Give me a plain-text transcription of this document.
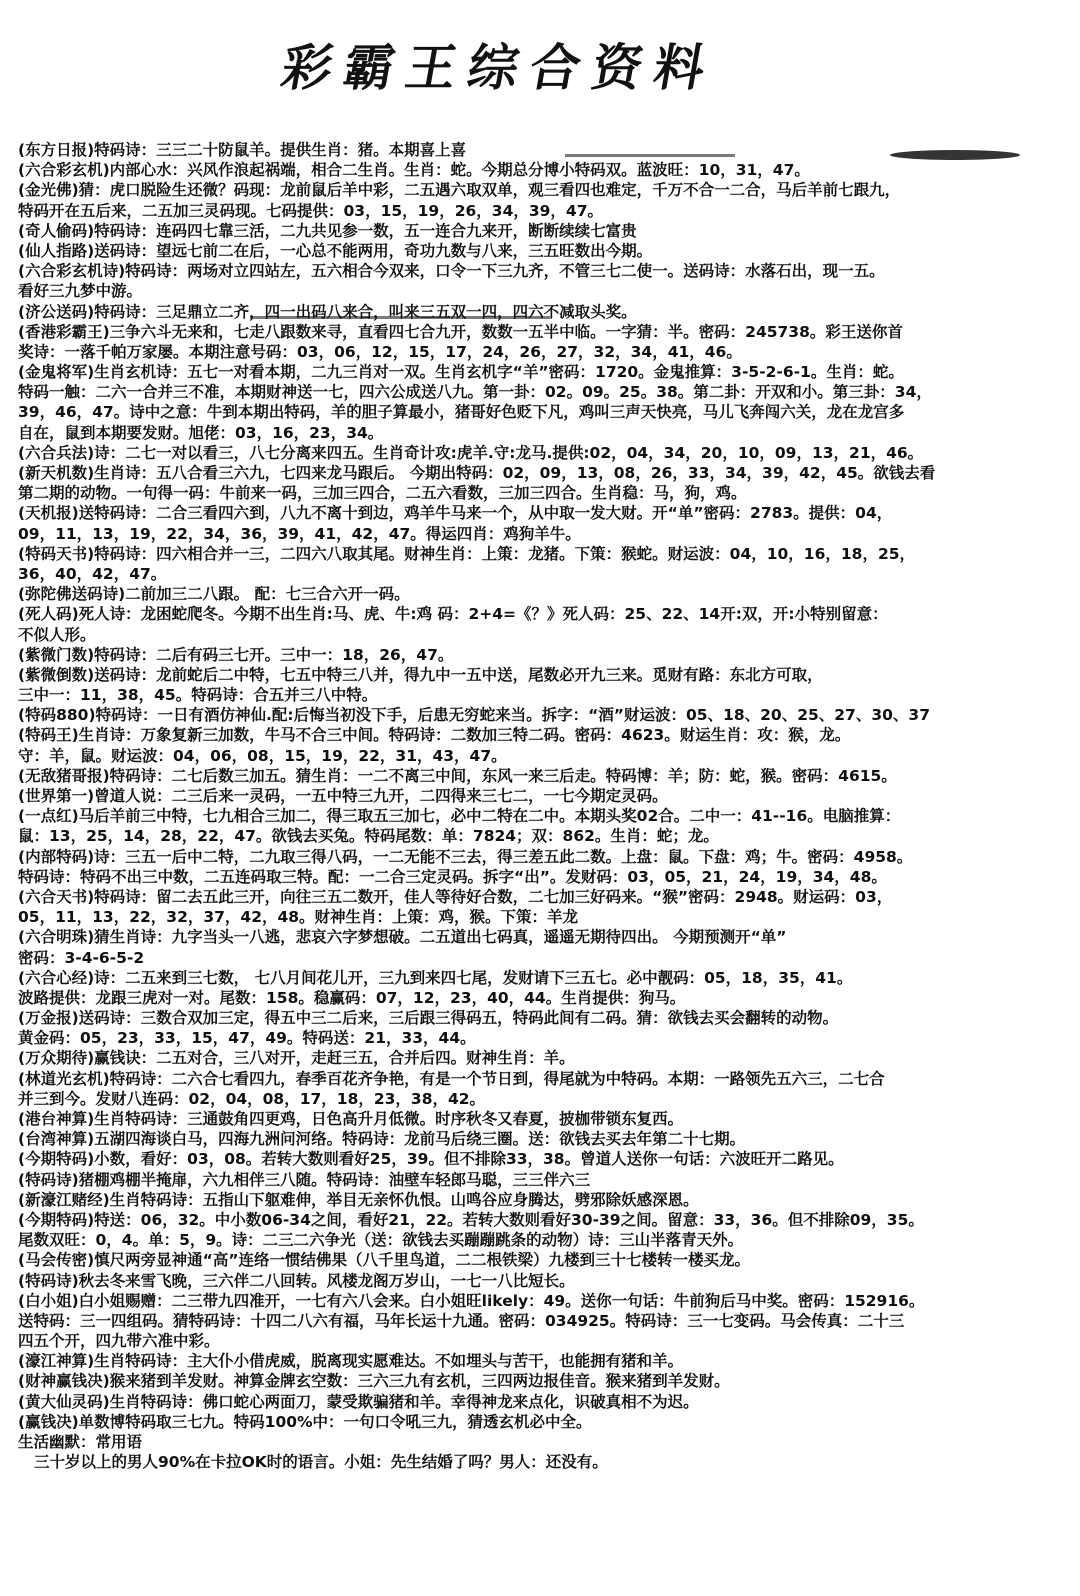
彩霸王综合资料
(东方日报)特码诗：三三二十防鼠羊。提供生肖：猪。本期喜上喜
(六合彩玄机)内部心水：兴风作浪起祸端，相合二生肖。生肖：蛇。今期总分博小特码双。蓝波旺：10，31，47。
(金光佛)猜：虎口脱险生还微？码现：龙前鼠后羊中彩，二五遇六取双单，观三看四也难定，千万不合一二合，马后羊前七跟九，
特码开在五后来，二五加三灵码现。七码提供：03，15，19，26，34，39，47。
(奇人偷码)特码诗：连码四七靠三活，二九共见参一数，五一连合九来开，断断续续七富贵
(仙人指路)送码诗：望远七前二在后，一心总不能两用，奇功九数与八来，三五旺数出今期。
(六合彩玄机诗)特码诗：两场对立四站左，五六相合今双来，口令一下三九齐，不管三七二使一。送码诗：水落石出，现一五。
看好三九梦中游。
(济公送码)特码诗：三足鼎立二齐，四一出码八来合，叫来三五双一四，四六不减取头奖。
(香港彩霸王)三争六斗无来和，七走八跟数来寻，直看四七合九开，数数一五半中临。一字猜：半。密码：245738。彩王送你首
奖诗：一落千帕万家屡。本期注意号码：03，06，12，15，17，24，26，27，32，34，41，46。
(金鬼将军)生肖玄机诗：五七一对看本期，二九三肖对一双。生肖玄机字“羊”密码：1720。金鬼推算：3-5-2-6-1。生肖：蛇。
特码一触：二六一合并三不准，本期财神送一七，四六公成送八九。第一卦：02。09。25。38。第二卦：开双和小。第三卦：34，
39，46，47。诗中之意：牛到本期出特码，羊的胆子算最小，猪哥好色贬下凡，鸡叫三声天快亮，马儿飞奔闯六关，龙在龙宫多
自在，鼠到本期要发财。旭佬：03，16，23，34。
(六合兵法)诗：二七一对以看三，八七分离来四五。生肖奇计攻:虎羊.守:龙马.提供:02，04，34，20，10，09，13，21，46。
(新天机数)生肖诗：五八合看三六九，七四来龙马跟后。 今期出特码：02，09，13，08，26，33，34，39，42，45。欲钱去看
第二期的动物。一句得一码：牛前来一码，三加三四合，二五六看数，三加三四合。生肖稳：马，狗，鸡。
(天机报)送特码诗：二合三看四六到，八九不离十到边，鸡羊牛马来一个，从中取一发大财。开“单”密码：2783。提供：04，
09，11，13，19，22，34，36，39，41，42，47。得运四肖：鸡狗羊牛。
(特码天书)特码诗：四六相合并一三，二四六八取其尾。财神生肖：上策：龙猪。下策：猴蛇。财运波：04，10，16，18，25，
36，40，42，47。
(弥陀佛送码诗)二前加三二八跟。 配：七三合六开一码。
(死人码)死人诗：龙困蛇爬冬。今期不出生肖:马、虎、牛:鸡 码：2+4=《？》死人码：25、22、14开:双，开:小特别留意：
不似人形。
(紫微门数)特码诗：二后有码三七开。三中一：18，26，47。
(紫微倒数)送码诗：龙前蛇后二中特，七五中特三八并，得九中一五中送，尾数必开九三来。觅财有路：东北方可取，
三中一：11，38，45。特码诗：合五并三八中特。
(特码880)特码诗：一日有酒仿神仙.配:后悔当初没下手，后患无穷蛇来当。拆字：“酒”财运波：05、18、20、25、27、30、37
(特码王)生肖诗：万象复新三加数，牛马不合三中间。特码诗：二数加三特二码。密码：4623。财运生肖：攻：猴，龙。
守：羊，鼠。财运波：04，06，08，15，19，22，31，43，47。
(无敌猪哥报)特码诗：二七后数三加五。猜生肖：一二不离三中间，东风一来三后走。特码博：羊；防：蛇，猴。密码：4615。
(世界第一)曾道人说：二三后来一灵码，一五中特三九开，二四得来三七二，一七今期定灵码。
(一点红)马后羊前三中特，七九相合三加二，得三取五三加七，必中二特在二中。本期头奖02合。二中一：41--16。电脑推算：
鼠：13，25，14，28，22，47。欲钱去买兔。特码尾数：单：7824；双：862。生肖：蛇；龙。
(内部特码)诗：三五一后中二特，二九取三得八码，一二无能不三去，得三差五此二数。上盘：鼠。下盘：鸡；牛。密码：4958。
特码诗：特码不出三中数，二五连码取三特。配：一二合三定灵码。拆字“出”。发财码：03，05，21，24，19，34，48。
(六合天书)特码诗：留二去五此三开，向往三五二数开，佳人等待好合数，二七加三好码来。“猴”密码：2948。财运码：03，
05，11，13，22，32，37，42，48。财神生肖：上策：鸡，猴。下策：羊龙
(六合明珠)猜生肖诗：九字当头一八逃，悲哀六字梦想破。二五道出七码真，遥遥无期待四出。 今期预测开“单”
密码：3-4-6-5-2
(六合心经)诗：二五来到三七数， 七八月间花儿开，三九到来四七尾，发财请下三五七。必中靓码：05，18，35，41。
波路提供：龙跟三虎对一对。尾数：158。稳赢码：07，12，23，40，44。生肖提供：狗马。
(万金报)送码诗：三数合双加三定，得五中三二后来，三后跟三得码五，特码此间有二码。猜：欲钱去买会翻转的动物。
黄金码：05，23，33，15，47，49。特码送：21，33，44。
(万众期待)赢钱诀：二五对合，三八对开，走赶三五，合并后四。财神生肖：羊。
(林道光玄机)特码诗：二六合七看四九，春季百花齐争艳，有是一个节日到，得尾就为中特码。本期：一路领先五六三，二七合
并三到今。发财八连码：02，04，08，17，18，23，38，42。
(港台神算)生肖特码诗：三通鼓角四更鸡，日色高升月低微。时序秋冬又春夏，披枷带锁东复西。
(台湾神算)五湖四海谈白马，四海九洲问河络。特码诗：龙前马后绕三圈。送：欲钱去买去年第二十七期。
(今期特码)小数，看好：03，08。若转大数则看好25，39。但不排除33，38。曾道人送你一句话：六波旺开二路见。
(特码诗)猪棚鸡棚半掩扉，六九相伴三八随。特码诗：油壁车轻郎马聪，三三伴六三
(新濠江赌经)生肖特码诗：五指山下躯难伸，举目无亲怀仇恨。山鸣谷应身腾达，劈邪除妖感深恩。
(今期特码)特送：06，32。中小数06-34之间，看好21，22。若转大数则看好30-39之间。留意：33，36。但不排除09，35。
尾数双旺：0，4。单：5，9。诗：二三二六争光（送：欲钱去买蹦蹦跳条的动物）诗：三山半落青天外。
(马会传密)慎尺两旁显神通“高”连络一惯结佛果（八千里鸟道，二二根铁梁）九楼到三十七楼转一楼买龙。
(特码诗)秋去冬来雪飞晚，三六伴二八回转。风楼龙阁万岁山，一七一八比短长。
(白小姐)白小姐赐赠：二三带九四准开，一七有六八会来。白小姐旺likely：49。送你一句话：牛前狗后马中奖。密码：152916。
送特码：三一四组码。猜特码诗：十四二八六有福，马年长运十九通。密码：034925。特码诗：三一七变码。马会传真：二十三
四五个开，四九带六准中彩。
(濠江神算)生肖特码诗：主大仆小借虎威，脱离现实愿难达。不如埋头与苦干，也能拥有猪和羊。
(财神赢钱决)猴来猪到羊发财。神算金牌玄空数：三六三九有玄机，三四两边报佳音。猴来猪到羊发财。
(黄大仙灵码)生肖特码诗：佛口蛇心两面刀，蒙受欺骗猪和羊。幸得神龙来点化，识破真相不为迟。
(赢钱决)单数博特码取三七九。特码100%中：一句口令吼三九，猜透玄机必中全。
生活幽默：常用语
三十岁以上的男人90%在卡拉OK时的语言。小姐：先生结婚了吗？男人：还没有。
